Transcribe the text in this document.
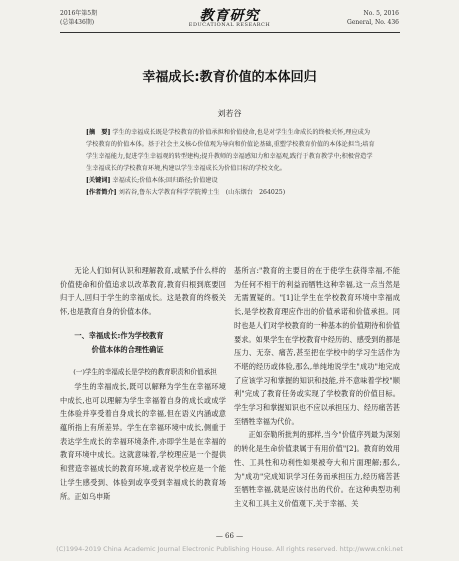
2016年第5期
(总第436期)	教育研究
EDUCATIONAL RESEARCH
No. 5, 2016
General, No. 436
幸福成长:教育价值的本体回归
刘若谷

[摘　要] 学生的幸福成长既是学校教育的价值承担和价值使命,也是对学生生命成长的终极关怀,理应成为学校教育的价值本体。基于社会主义核心价值观为导向和价值论基础,重塑学校教育价值的本体论担当;培育学生幸福能力,促进学生幸福观的转型建构;提升教师的幸福感知力和幸福观,践行于教育教学中;积极营造学生幸福成长的学校教育环境,构建以学生幸福成长为价值目标的学校文化。

[关键词] 幸福成长;价值本体;回归路径;价值建设

[作者简介] 刘若谷,鲁东大学教育科学学院博士生　(山东烟台　264025)

无论人们如何认识和理解教育,或赋予什么样的价值使命和价值追求以改革教育,教育归根到底要回归于人,回归于学生的幸福成长。这是教育的终极关怀,也是教育自身的价值本体。

一、幸福成长:作为学校教育

价值本体的合理性确证

(一)学生的幸福成长是学校的教育职责和价值承担

学生的幸福成长,既可以解释为学生在幸福环境中成长,也可以理解为学生幸福着自身的成长或成学生体验并享受着自身成长的幸福,但在语义内涵或意蕴所指上有所差异。学生在幸福环境中成长,侧重于表达学生成长的幸福环境条件,亦即学生是在幸福的教育环境中成长。这就意味着,学校理应是一个提供和营造幸福成长的教育环境,或者说学校应是一个能让学生感受到、体验到或享受到幸福成长的教育场所。正如乌申斯

基所言:"教育的主要目的在于使学生获得幸福,不能为任何不相干的利益而牺牲这种幸福,这一点当然是无需置疑的。"[1]让学生在学校教育环境中幸福成长,是学校教育理应作出的价值承诺和价值承担。同时也是人们对学校教育的一种基本的价值期待和价值要求。如果学生在学校教育中经历的、感受到的都是压力、无奈、痛苦,甚至把在学校中的学习生活作为不堪的经历或体验,那么,单纯地说学生"成功"地完成了应该学习和掌握的知识和技能,并不意味着学校"顺利"完成了教育任务或实现了学校教育的价值目标。学生学习和掌握知识也不应以承担压力、经历痛苦甚至牺牲幸福为代价。

正如奈勒所批判的那样,当今"价值序列最为深刻的转化是生命价值隶属于有用价值"[2]。教育的效用性、工具性和功利性如果被夸大和片面理解;那么,为"成功"完成知识学习任务而承担压力,经历痛苦甚至牺牲幸福,就是应该付出的代价。在这种典型功利主义和工具主义价值观下,关于幸福、关

— 66 —
(C)1994-2019 China Academic Journal Electronic Publishing House. All rights reserved. http://www.cnki.net
